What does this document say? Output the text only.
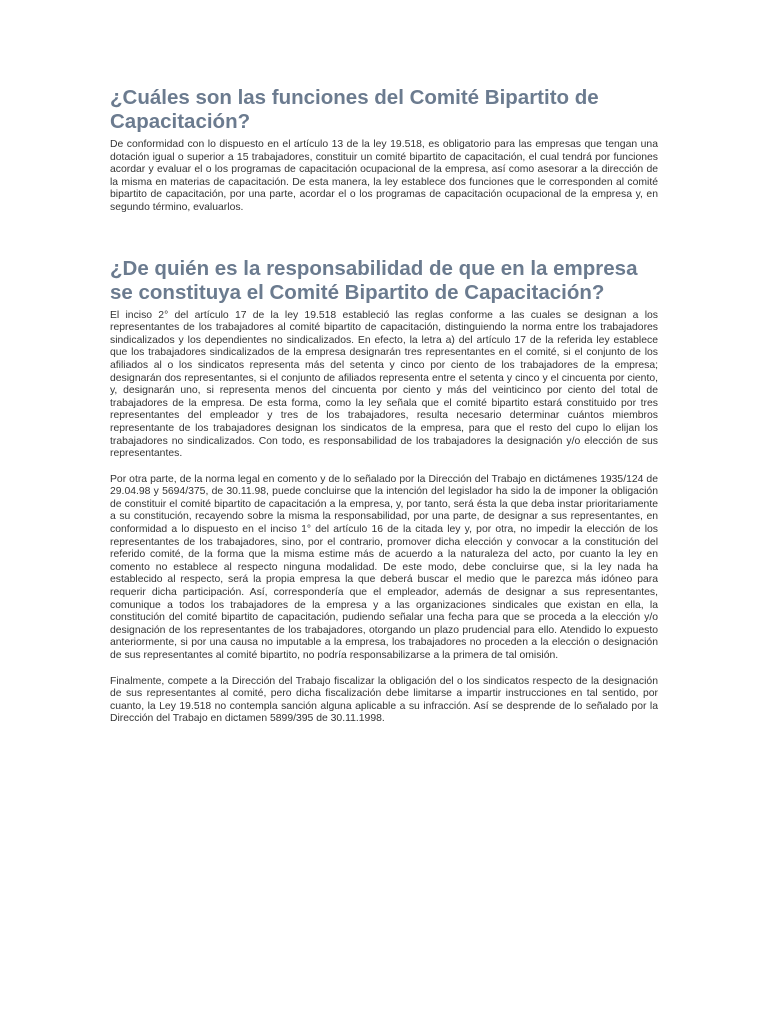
¿Cuáles son las funciones del Comité Bipartito de Capacitación?

De conformidad con lo dispuesto en el artículo 13 de la ley 19.518, es obligatorio para las empresas que tengan una dotación igual o superior a 15 trabajadores, constituir un comité bipartito de capacitación, el cual tendrá por funciones acordar y evaluar el o los programas de capacitación ocupacional de la empresa, así como asesorar a la dirección de la misma en materias de capacitación. De esta manera, la ley establece dos funciones que le corresponden al comité bipartito de capacitación, por una parte, acordar el o los programas de capacitación ocupacional de la empresa y, en segundo término, evaluarlos.

¿De quién es la responsabilidad de que en la empresa se constituya el Comité Bipartito de Capacitación?

El inciso 2° del artículo 17 de la ley 19.518 estableció las reglas conforme a las cuales se designan a los representantes de los trabajadores al comité bipartito de capacitación, distinguiendo la norma entre los trabajadores sindicalizados y los dependientes no sindicalizados. En efecto, la letra a) del artículo 17 de la referida ley establece que los trabajadores sindicalizados de la empresa designarán tres representantes en el comité, si el conjunto de los afiliados al o los sindicatos representa más del setenta y cinco por ciento de los trabajadores de la empresa; designarán dos representantes, si el conjunto de afiliados representa entre el setenta y cinco y el cincuenta por ciento, y, designarán uno, si representa menos del cincuenta por ciento y más del veinticinco por ciento del total de trabajadores de la empresa. De esta forma, como la ley señala que el comité bipartito estará constituido por tres representantes del empleador y tres de los trabajadores, resulta necesario determinar cuántos miembros representante de los trabajadores designan los sindicatos de la empresa, para que el resto del cupo lo elijan los trabajadores no sindicalizados. Con todo, es responsabilidad de los trabajadores la designación y/o elección de sus representantes.

Por otra parte, de la norma legal en comento y de lo señalado por la Dirección del Trabajo en dictámenes 1935/124 de 29.04.98 y 5694/375, de 30.11.98, puede concluirse que la intención del legislador ha sido la de imponer la obligación de constituir el comité bipartito de capacitación a la empresa, y, por tanto, será ésta la que deba instar prioritariamente a su constitución, recayendo sobre la misma la responsabilidad, por una parte, de designar a sus representantes, en conformidad a lo dispuesto en el inciso 1° del artículo 16 de la citada ley y, por otra, no impedir la elección de los representantes de los trabajadores, sino, por el contrario, promover dicha elección y convocar a la constitución del referido comité, de la forma que la misma estime más de acuerdo a la naturaleza del acto, por cuanto la ley en comento no establece al respecto ninguna modalidad. De este modo, debe concluirse que, si la ley nada ha establecido al respecto, será la propia empresa la que deberá buscar el medio que le parezca más idóneo para requerir dicha participación. Así, correspondería que el empleador, además de designar a sus representantes, comunique a todos los trabajadores de la empresa y a las organizaciones sindicales que existan en ella, la constitución del comité bipartito de capacitación, pudiendo señalar una fecha para que se proceda a la elección y/o designación de los representantes de los trabajadores, otorgando un plazo prudencial para ello. Atendido lo expuesto anteriormente, si por una causa no imputable a la empresa, los trabajadores no proceden a la elección o designación de sus representantes al comité bipartito, no podría responsabilizarse a la primera de tal omisión.

Finalmente, compete a la Dirección del Trabajo fiscalizar la obligación del o los sindicatos respecto de la designación de sus representantes al comité, pero dicha fiscalización debe limitarse a impartir instrucciones en tal sentido, por cuanto, la Ley 19.518 no contempla sanción alguna aplicable a su infracción. Así se desprende de lo señalado por la Dirección del Trabajo en dictamen 5899/395 de 30.11.1998.
